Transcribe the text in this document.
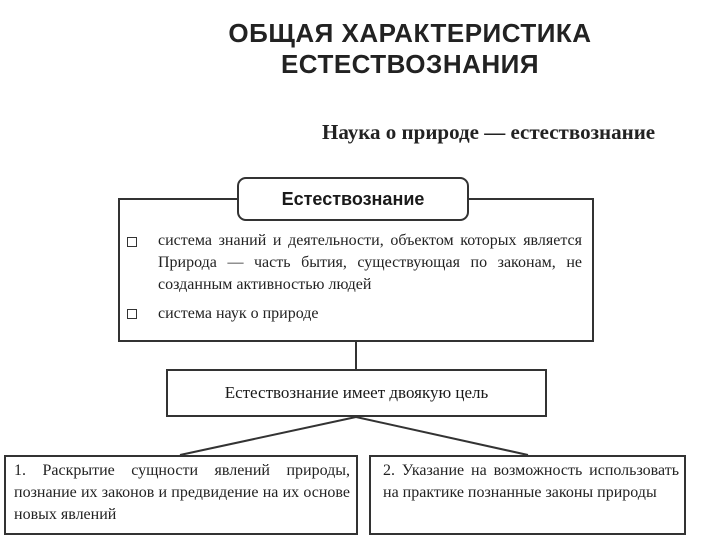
ОБЩАЯ ХАРАКТЕРИСТИКА
ЕСТЕСТВОЗНАНИЯ
Наука о природе — естествознание
Естествознание
система знаний и деятельности, объектом которых является Природа — часть бытия, существующая по законам, не созданным активностью людей
система наук о природе
Естествознание имеет двоякую цель
1. Раскрытие сущности явлений природы, познание их законов и предвидение на их основе новых явлений
2. Указание на возможность использовать на практике познанные законы природы
